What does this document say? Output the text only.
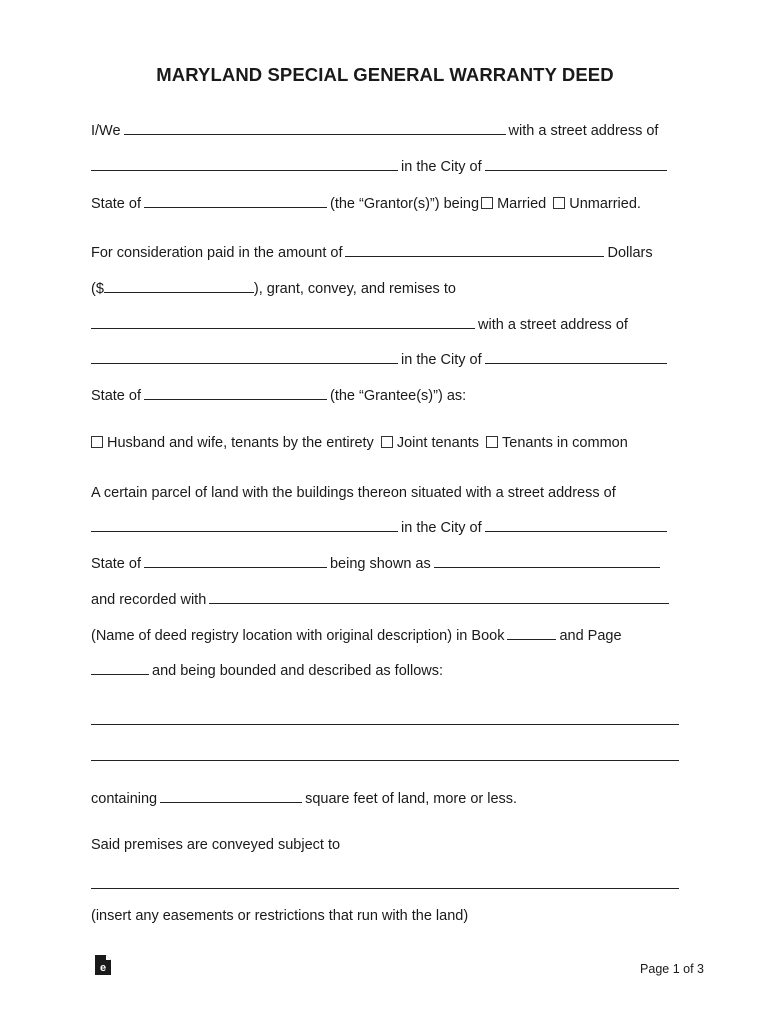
MARYLAND SPECIAL GENERAL WARRANTY DEED
I/We	with a street address of
in the City of
State of	(the “Grantor(s)”) being Married Unmarried.
For consideration paid in the amount of	Dollars
($	), grant, convey, and remises to
with a street address of
in the City of
State of	(the “Grantee(s)”) as:
Husband and wife, tenants by the entirety Joint tenants Tenants in common
A certain parcel of land with the buildings thereon situated with a street address of
in the City of
State of	being shown as
and recorded with
(Name of deed registry location with original description) in Book	and Page
and being bounded and described as follows:
containing	square feet of land, more or less.
Said premises are conveyed subject to
(insert any easements or restrictions that run with the land)
e	Page 1 of 3
